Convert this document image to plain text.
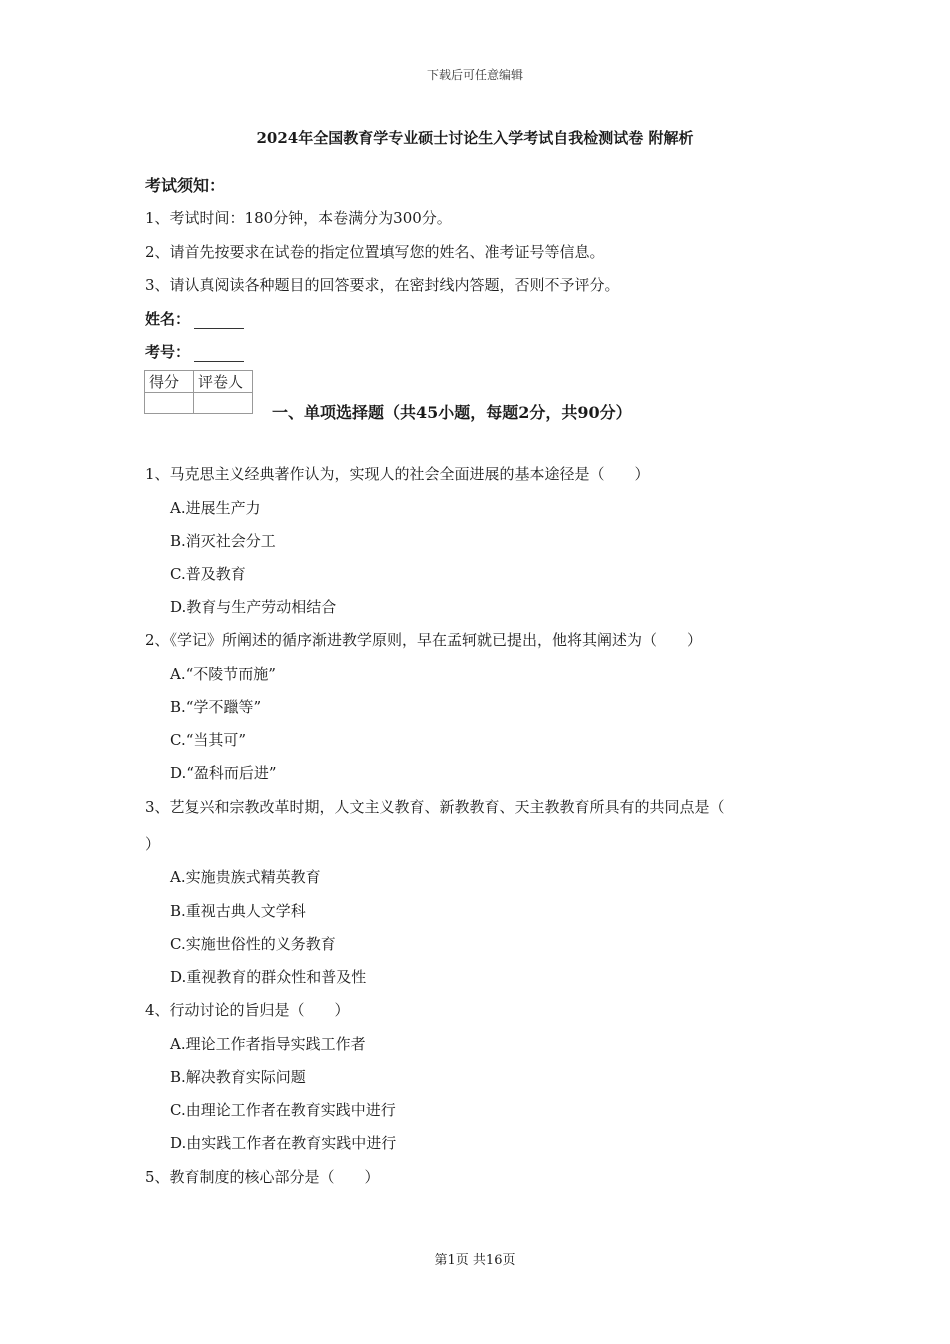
下载后可任意编辑
2024年全国教育学专业硕士讨论生入学考试自我检测试卷 附解析
考试须知：
1、考试时间：180分钟，本卷满分为300分。
2、请首先按要求在试卷的指定位置填写您的姓名、准考证号等信息。
3、请认真阅读各种题目的回答要求，在密封线内答题，否则不予评分。
姓名：
考号：
得分	评卷人

一、单项选择题（共45小题，每题2分，共90分）
1、马克思主义经典著作认为，实现人的社会全面进展的基本途径是（　　）
A.进展生产力
B.消灭社会分工
C.普及教育
D.教育与生产劳动相结合
2、《学记》所阐述的循序渐进教学原则，早在孟轲就已提出，他将其阐述为（　　）
A.“不陵节而施”
B.“学不躐等”
C.“当其可”
D.“盈科而后进”
3、艺复兴和宗教改革时期，人文主义教育、新教教育、天主教教育所具有的共同点是（
）
A.实施贵族式精英教育
B.重视古典人文学科
C.实施世俗性的义务教育
D.重视教育的群众性和普及性
4、行动讨论的旨归是（　　）
A.理论工作者指导实践工作者
B.解决教育实际问题
C.由理论工作者在教育实践中进行
D.由实践工作者在教育实践中进行
5、教育制度的核心部分是（　　）
第1页 共16页
